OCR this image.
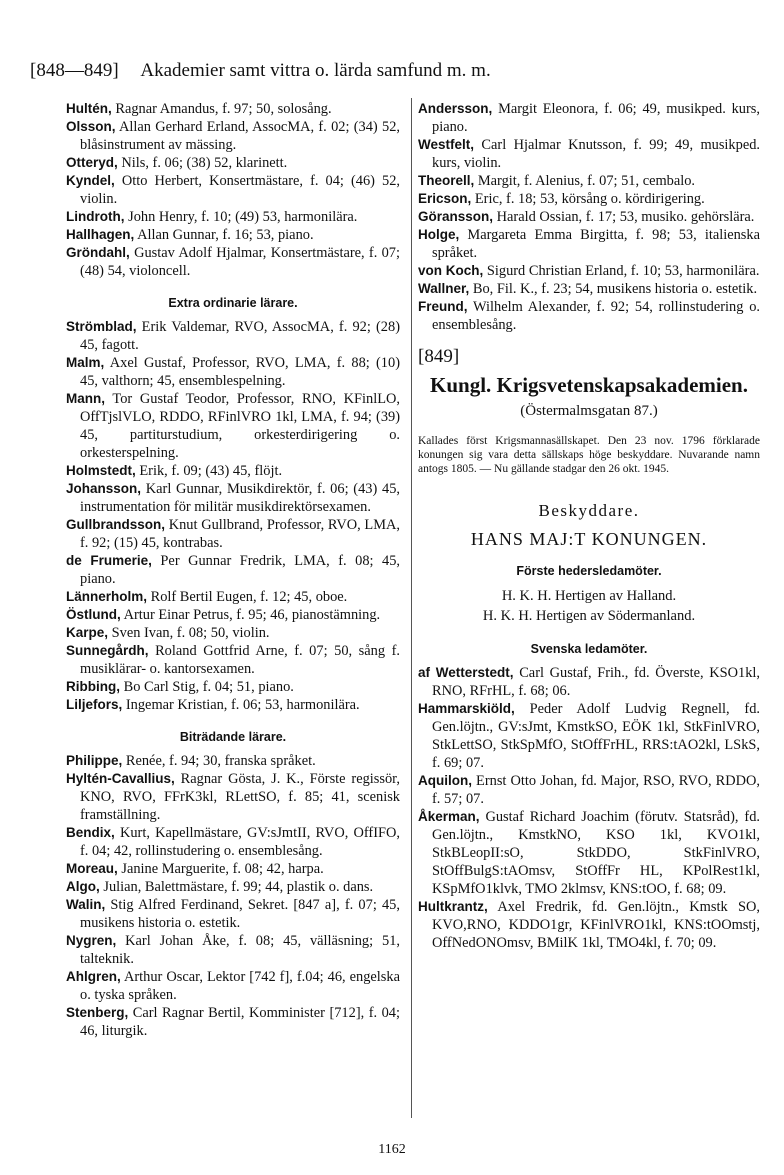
[848—849] Akademier samt vittra o. lärda samfund m. m.
Hultén, Ragnar Amandus, f. 97; 50, solosång.
Olsson, Allan Gerhard Erland, AssocMA, f. 02; (34) 52, blåsinstrument av mässing.
Otteryd, Nils, f. 06; (38) 52, klarinett.
Kyndel, Otto Herbert, Konsertmästare, f. 04; (46) 52, violin.
Lindroth, John Henry, f. 10; (49) 53, harmonilära.
Hallhagen, Allan Gunnar, f. 16; 53, piano.
Gröndahl, Gustav Adolf Hjalmar, Konsertmästare, f. 07; (48) 54, violoncell.
Extra ordinarie lärare.
Strömblad, Erik Valdemar, RVO, AssocMA, f. 92; (28) 45, fagott.
Malm, Axel Gustaf, Professor, RVO, LMA, f. 88; (10) 45, valthorn; 45, ensemblespelning.
Mann, Tor Gustaf Teodor, Professor, RNO, KFinlLO, OffTjslVLO, RDDO, RFinlVRO 1kl, LMA, f. 94; (39) 45, partiturstudium, orkesterdirigering o. orkesterspelning.
Holmstedt, Erik, f. 09; (43) 45, flöjt.
Johansson, Karl Gunnar, Musikdirektör, f. 06; (43) 45, instrumentation för militär musikdirektörsexamen.
Gullbrandsson, Knut Gullbrand, Professor, RVO, LMA, f. 92; (15) 45, kontrabas.
de Frumerie, Per Gunnar Fredrik, LMA, f. 08; 45, piano.
Lännerholm, Rolf Bertil Eugen, f. 12; 45, oboe.
Östlund, Artur Einar Petrus, f. 95; 46, pianostämning.
Karpe, Sven Ivan, f. 08; 50, violin.
Sunnegårdh, Roland Gottfrid Arne, f. 07; 50, sång f. musiklärar- o. kantorsexamen.
Ribbing, Bo Carl Stig, f. 04; 51, piano.
Liljefors, Ingemar Kristian, f. 06; 53, harmonilära.
Biträdande lärare.
Philippe, Renée, f. 94; 30, franska språket.
Hyltén-Cavallius, Ragnar Gösta, J. K., Förste regissör, KNO, RVO, FFrK3kl, RLettSO, f. 85; 41, scenisk framställning.
Bendix, Kurt, Kapellmästare, GV:sJmtII, RVO, OffIFO, f. 04; 42, rollinstudering o. ensemblesång.
Moreau, Janine Marguerite, f. 08; 42, harpa.
Algo, Julian, Balettmästare, f. 99; 44, plastik o. dans.
Walin, Stig Alfred Ferdinand, Sekret. [847 a], f. 07; 45, musikens historia o. estetik.
Nygren, Karl Johan Åke, f. 08; 45, välläsning; 51, talteknik.
Ahlgren, Arthur Oscar, Lektor [742 f], f.04; 46, engelska o. tyska språken.
Stenberg, Carl Ragnar Bertil, Komminister [712], f. 04; 46, liturgik.
Andersson, Margit Eleonora, f. 06; 49, musikped. kurs, piano.
Westfelt, Carl Hjalmar Knutsson, f. 99; 49, musikped. kurs, violin.
Theorell, Margit, f. Alenius, f. 07; 51, cembalo.
Ericson, Eric, f. 18; 53, körsång o. kördirigering.
Göransson, Harald Ossian, f. 17; 53, musiko. gehörslära.
Holge, Margareta Emma Birgitta, f. 98; 53, italienska språket.
von Koch, Sigurd Christian Erland, f. 10; 53, harmonilära.
Wallner, Bo, Fil. K., f. 23; 54, musikens historia o. estetik.
Freund, Wilhelm Alexander, f. 92; 54, rollinstudering o. ensemblesång.
[849]
Kungl. Krigsvetenskapsakademien.
(Östermalmsgatan 87.)
Kallades först Krigsmannasällskapet. Den 23 nov. 1796 förklarade konungen sig vara detta sällskaps höge beskyddare. Nuvarande namn antogs 1805. — Nu gällande stadgar den 26 okt. 1945.
Beskyddare.
HANS MAJ:T KONUNGEN.
Förste hedersledamöter.
H. K. H. Hertigen av Halland.
H. K. H. Hertigen av Södermanland.
Svenska ledamöter.
af Wetterstedt, Carl Gustaf, Frih., fd. Överste, KSO1kl, RNO, RFrHL, f. 68; 06.
Hammarskiöld, Peder Adolf Ludvig Regnell, fd. Gen.löjtn., GV:sJmt, KmstkSO, EÖK 1kl, StkFinlVRO, StkLettSO, StkSpMfO, StOffFrHL, RRS:tAO2kl, LSkS, f. 69; 07.
Aquilon, Ernst Otto Johan, fd. Major, RSO, RVO, RDDO, f. 57; 07.
Åkerman, Gustaf Richard Joachim (förutv. Statsråd), fd. Gen.löjtn., KmstkNO, KSO 1kl, KVO1kl, StkBLeopII:sO, StkDDO, StkFinlVRO, StOffBulgS:tAOmsv, StOffFr HL, KPolRest1kl, KSpMfO1klvk, TMO 2klmsv, KNS:tOO, f. 68; 09.
Hultkrantz, Axel Fredrik, fd. Gen.löjtn., Kmstk SO, KVO,RNO, KDDO1gr, KFinlVRO1kl, KNS:tOOmstj, OffNedONOmsv, BMilK 1kl, TMO4kl, f. 70; 09.
1162
